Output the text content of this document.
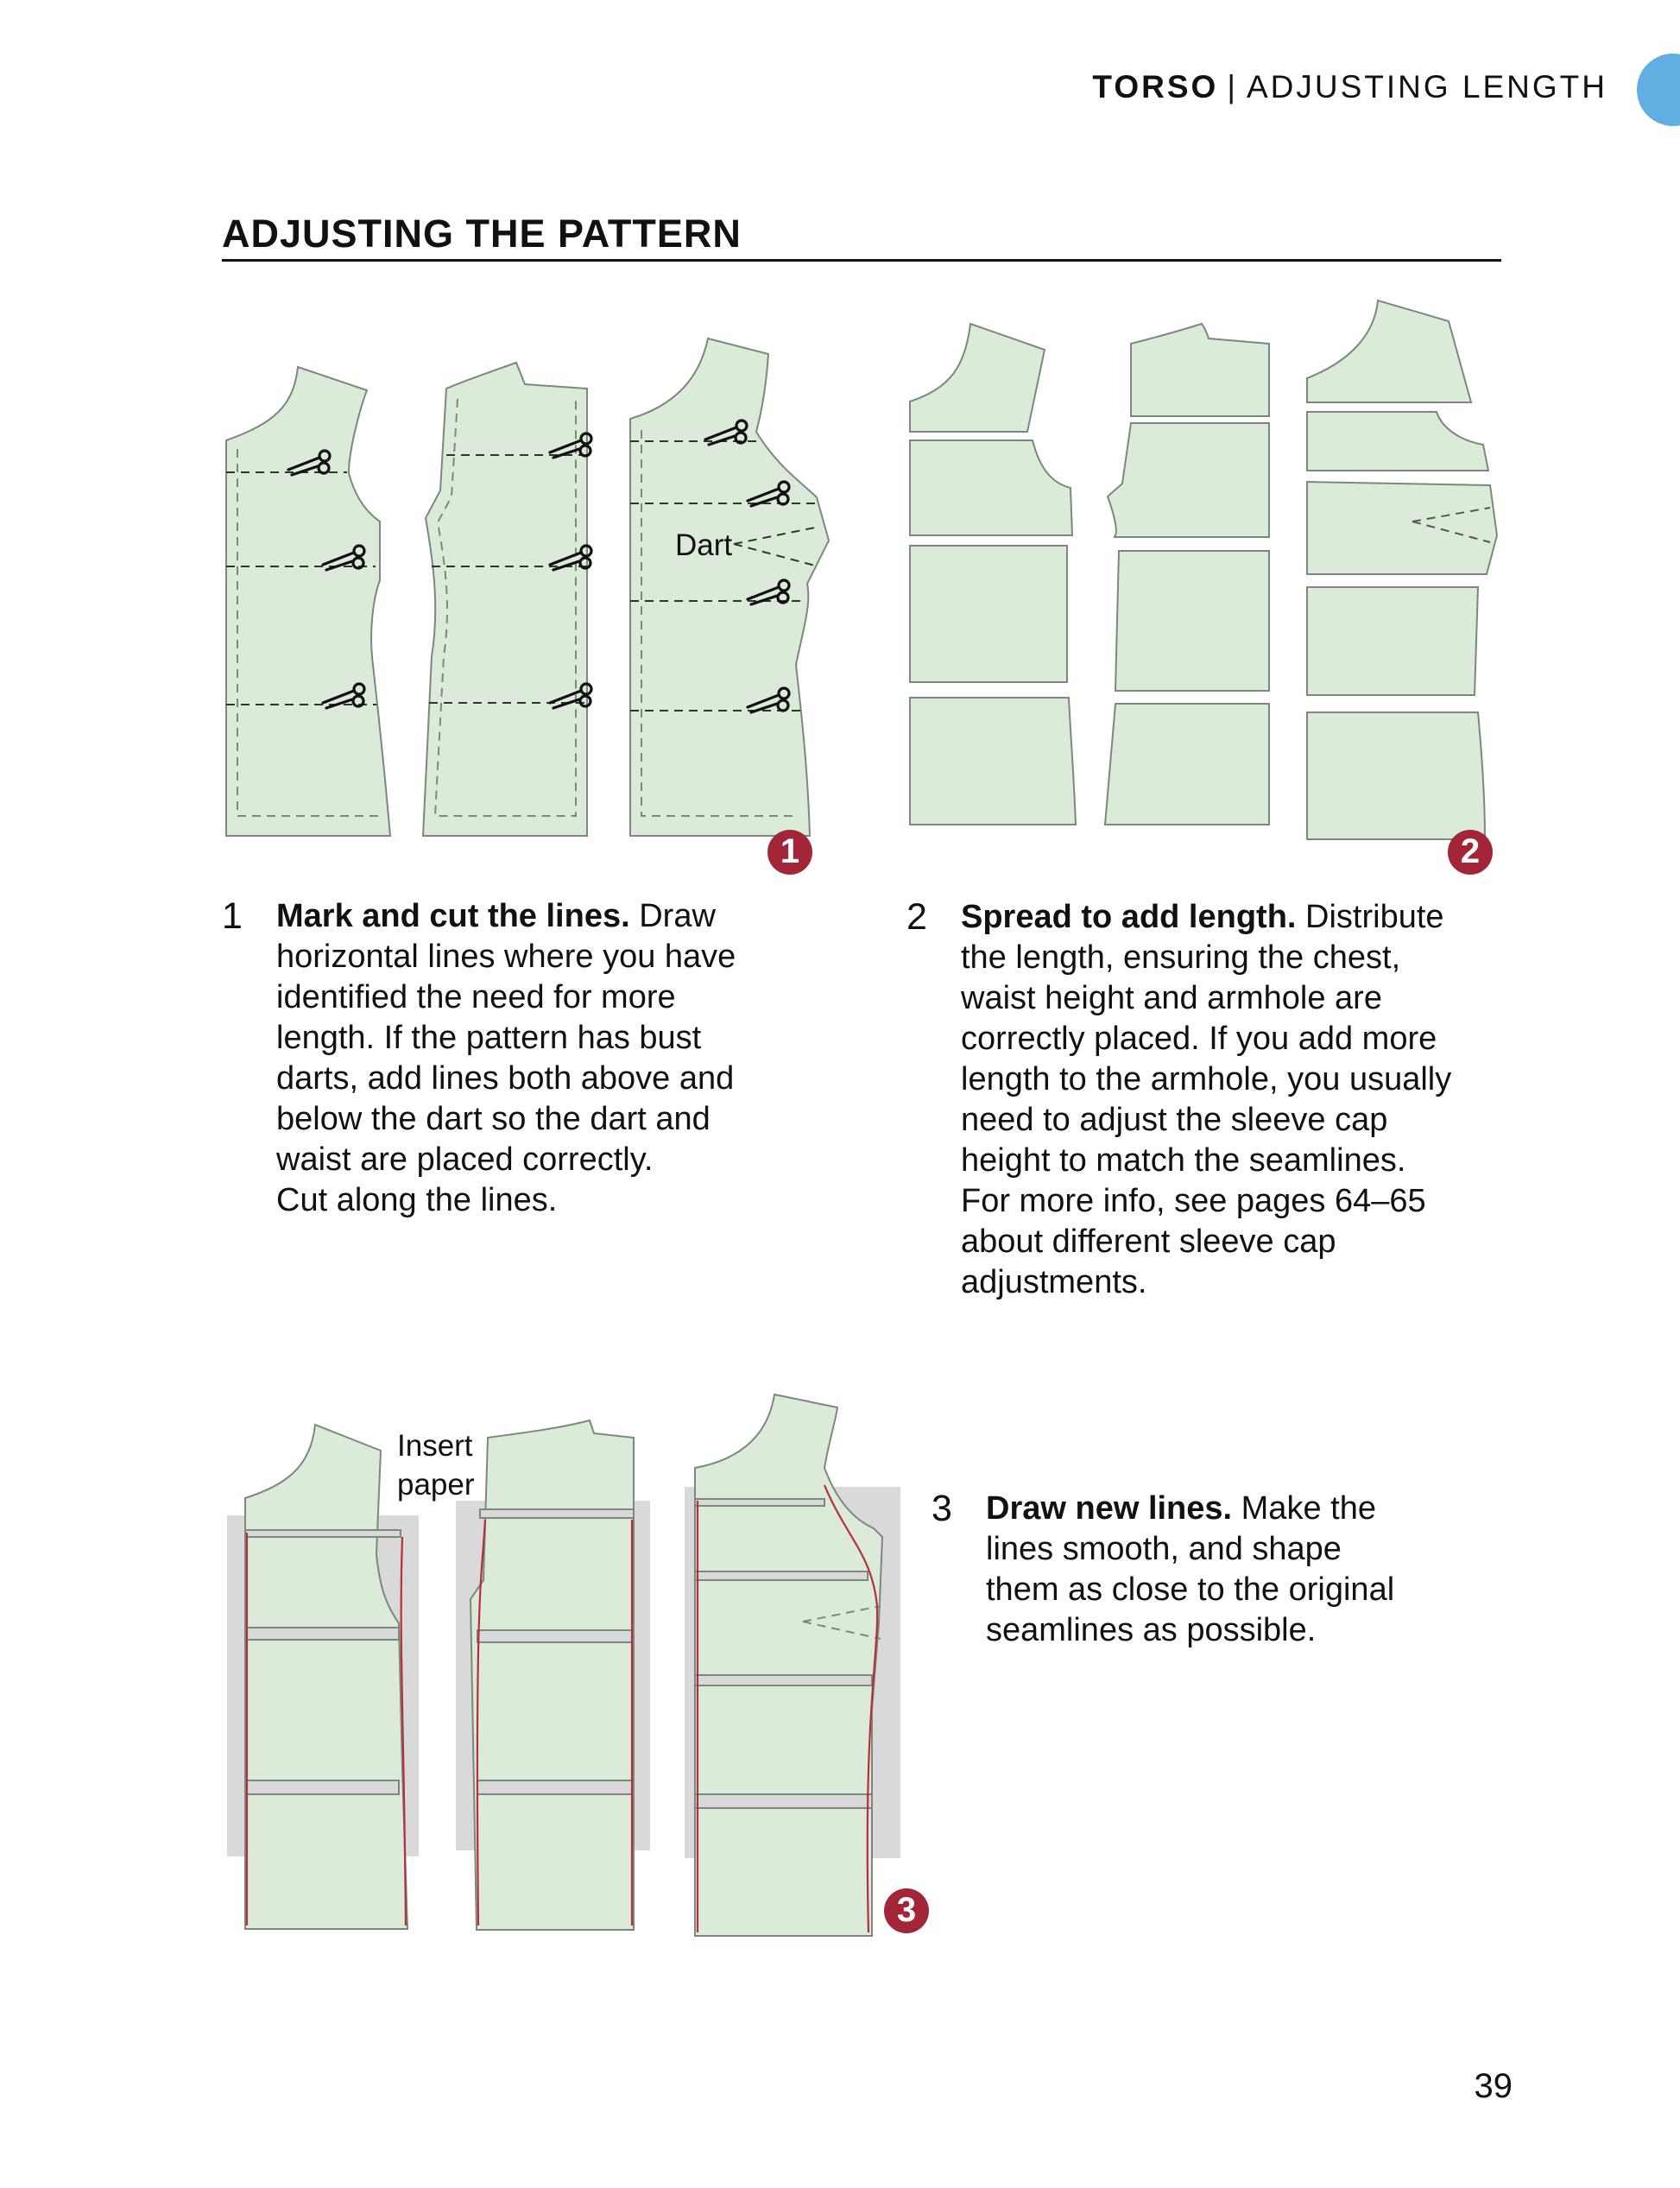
TORSO | ADJUSTING LENGTH
ADJUSTING THE PATTERN
1	2
3
Dart
Insert
paper
1 Mark and cut the lines. Draw
horizontal lines where you have
identified the need for more
length. If the pattern has bust
darts, add lines both above and
below the dart so the dart and
waist are placed correctly.
Cut along the lines.
2 Spread to add length. Distribute
the length, ensuring the chest,
waist height and armhole are
correctly placed. If you add more
length to the armhole, you usually
need to adjust the sleeve cap
height to match the seamlines.
For more info, see pages 64–65
about different sleeve cap
adjustments.
3 Draw new lines. Make the
lines smooth, and shape
them as close to the original
seamlines as possible.
39
